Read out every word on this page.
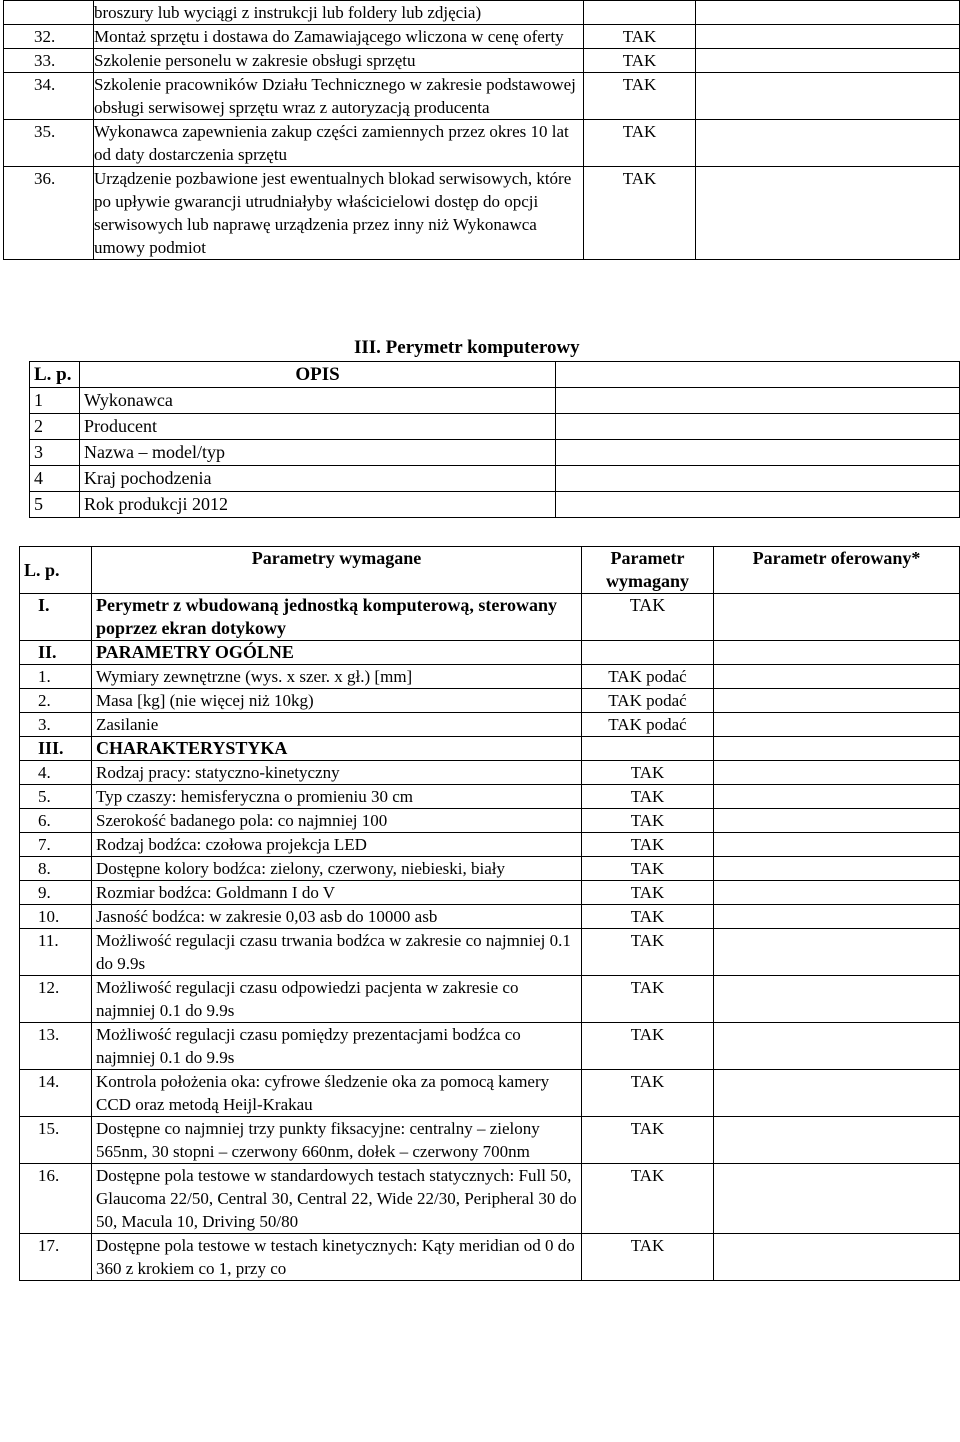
	broszury lub wyciągi z instrukcji lub foldery lub zdjęcia)		
32.	Montaż sprzętu i dostawa do Zamawiającego wliczona w cenę oferty	TAK	
33.	Szkolenie personelu w zakresie obsługi sprzętu	TAK	
34.	Szkolenie pracowników Działu Technicznego w zakresie podstawowej obsługi serwisowej sprzętu wraz z autoryzacją producenta	TAK	
35.	Wykonawca zapewnienia zakup części zamiennych przez okres 10 lat od daty dostarczenia sprzętu	TAK	
36.	Urządzenie pozbawione jest ewentualnych blokad serwisowych, które po upływie gwarancji utrudniałyby właścicielowi dostęp do opcji serwisowych lub naprawę urządzenia przez inny niż Wykonawca umowy podmiot	TAK	
III. Perymetr komputerowy
L. p.	OPIS	
1	Wykonawca	
2	Producent	
3	Nazwa – model/typ	
4	Kraj pochodzenia	
5	Rok produkcji 2012	
L. p.	Parametry wymagane	Parametr wymagany	Parametr oferowany*
I.	Perymetr z wbudowaną jednostką komputerową, sterowany poprzez ekran dotykowy	TAK	
II.	PARAMETRY OGÓLNE		
1.	Wymiary zewnętrzne (wys. x szer. x gł.) [mm]	TAK podać	
2.	Masa [kg] (nie więcej niż 10kg)	TAK podać	
3.	Zasilanie	TAK podać	
III.	CHARAKTERYSTYKA		
4.	Rodzaj pracy: statyczno-kinetyczny	TAK	
5.	Typ czaszy: hemisferyczna o promieniu 30 cm	TAK	
6.	Szerokość badanego pola: co najmniej 100	TAK	
7.	Rodzaj bodźca: czołowa projekcja LED	TAK	
8.	Dostępne kolory bodźca: zielony, czerwony, niebieski, biały	TAK	
9.	Rozmiar bodźca: Goldmann I do V	TAK	
10.	Jasność bodźca: w zakresie 0,03 asb do 10000 asb	TAK	
11.	Możliwość regulacji czasu trwania bodźca w zakresie co najmniej 0.1 do 9.9s	TAK	
12.	Możliwość regulacji czasu odpowiedzi pacjenta w zakresie co najmniej 0.1 do 9.9s	TAK	
13.	Możliwość regulacji czasu pomiędzy prezentacjami bodźca co najmniej 0.1 do 9.9s	TAK	
14.	Kontrola położenia oka: cyfrowe śledzenie oka za pomocą kamery CCD oraz metodą Heijl-Krakau	TAK	
15.	Dostępne co najmniej trzy punkty fiksacyjne: centralny – zielony 565nm, 30 stopni – czerwony 660nm, dołek – czerwony 700nm	TAK	
16.	Dostępne pola testowe w standardowych testach statycznych: Full 50, Glaucoma 22/50, Central 30, Central 22, Wide 22/30, Peripheral 30 do 50, Macula 10, Driving 50/80	TAK	
17.	Dostępne pola testowe w testach kinetycznych: Kąty meridian od 0 do 360 z krokiem co 1, przy co	TAK	
